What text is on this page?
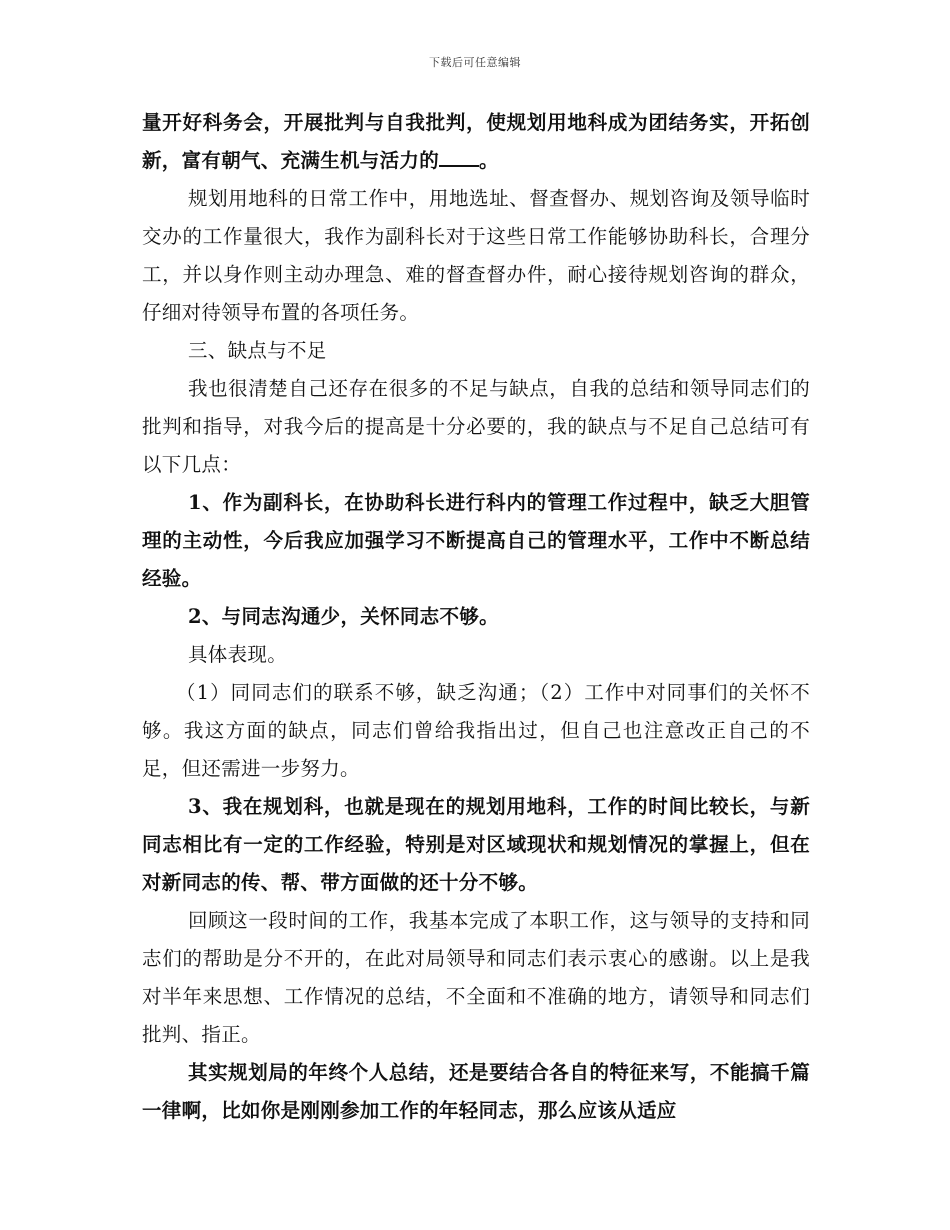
下载后可任意编辑

量开好科务会，开展批判与自我批判，使规划用地科成为团结务实，开拓创新，富有朝气、充满生机与活力的 。

规划用地科的日常工作中，用地选址、督查督办、规划咨询及领导临时交办的工作量很大，我作为副科长对于这些日常工作能够协助科长，合理分工，并以身作则主动办理急、难的督查督办件，耐心接待规划咨询的群众，仔细对待领导布置的各项任务。

三、缺点与不足

我也很清楚自己还存在很多的不足与缺点，自我的总结和领导同志们的批判和指导，对我今后的提高是十分必要的，我的缺点与不足自己总结可有以下几点：

1、作为副科长，在协助科长进行科内的管理工作过程中，缺乏大胆管理的主动性，今后我应加强学习不断提高自己的管理水平，工作中不断总结经验。

2、与同志沟通少，关怀同志不够。

具体表现。

（1）同同志们的联系不够，缺乏沟通；（2）工作中对同事们的关怀不够。我这方面的缺点，同志们曾给我指出过，但自己也注意改正自己的不足，但还需进一步努力。

3、我在规划科，也就是现在的规划用地科，工作的时间比较长，与新同志相比有一定的工作经验，特别是对区域现状和规划情况的掌握上，但在对新同志的传、帮、带方面做的还十分不够。

回顾这一段时间的工作，我基本完成了本职工作，这与领导的支持和同志们的帮助是分不开的，在此对局领导和同志们表示衷心的感谢。以上是我对半年来思想、工作情况的总结，不全面和不准确的地方，请领导和同志们批判、指正。

其实规划局的年终个人总结，还是要结合各自的特征来写，不能搞千篇一律啊，比如你是刚刚参加工作的年轻同志，那么应该从适应
